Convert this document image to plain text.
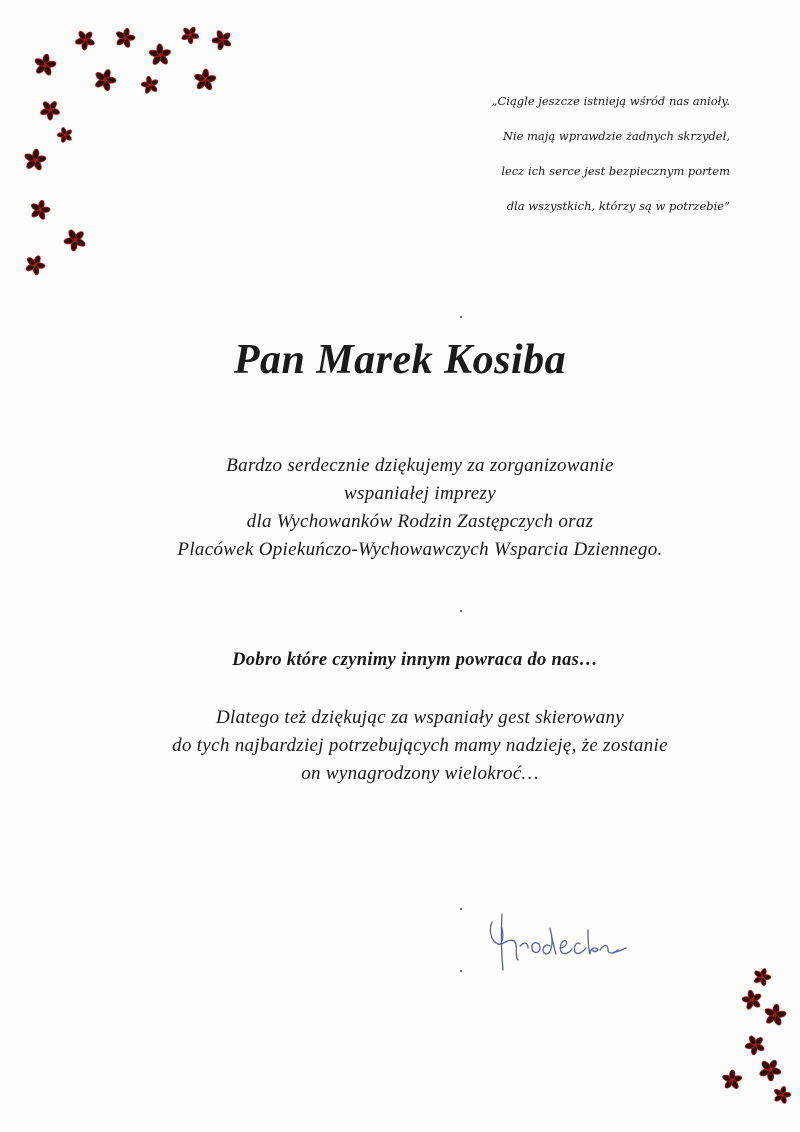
„Ciągle jeszcze istnieją wśród nas anioły.
Nie mają wprawdzie żadnych skrzydeł,
lecz ich serce jest bezpiecznym portem
dla wszystkich, którzy są w potrzebie”
Pan Marek Kosiba
Bardzo serdecznie dziękujemy za zorganizowanie
wspaniałej imprezy
dla Wychowanków Rodzin Zastępczych oraz
Placówek Opiekuńczo-Wychowawczych Wsparcia Dziennego.
Dobro które czynimy innym powraca do nas…
Dlatego też dziękując za wspaniały gest skierowany
do tych najbardziej potrzebujących mamy nadzieję, że zostanie
on wynagrodzony wielokroć…
